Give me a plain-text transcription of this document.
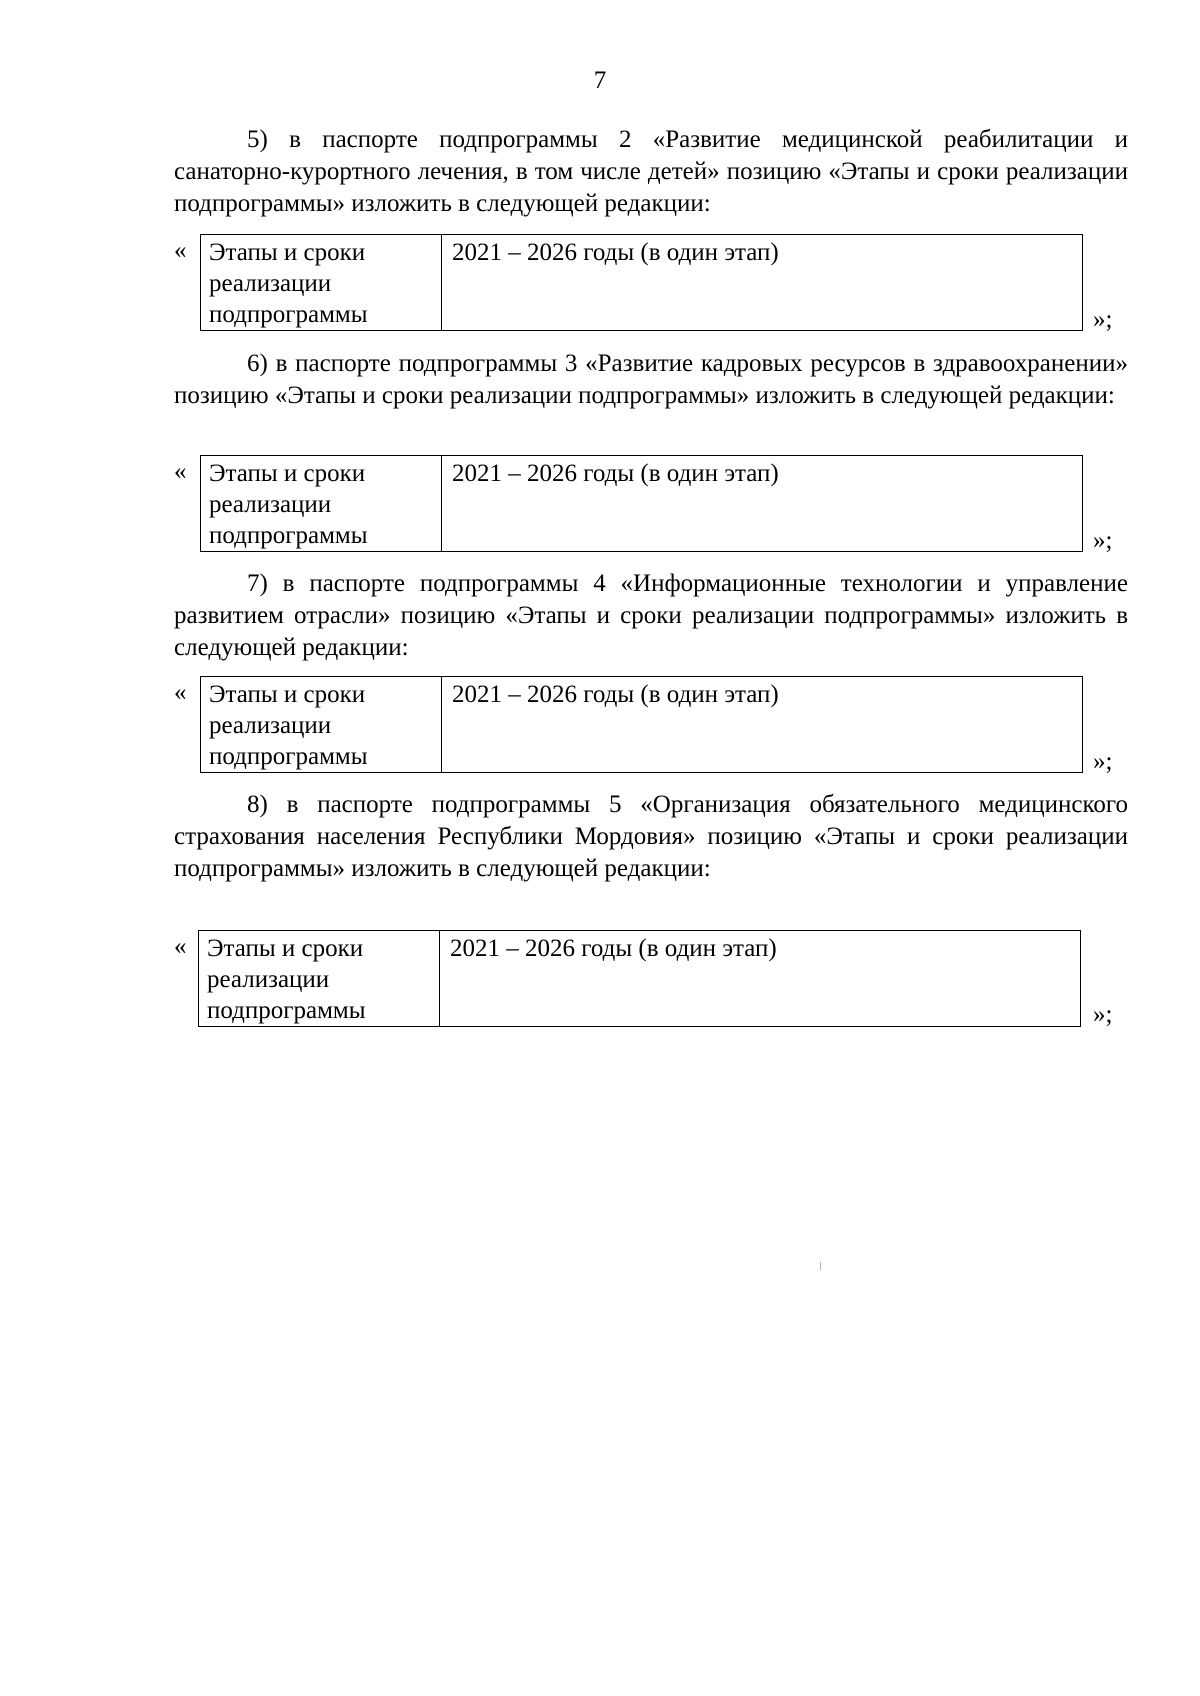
7

5) в паспорте подпрограммы 2 «Развитие медицинской реабилитации и санаторно-курортного лечения, в том числе детей» позицию «Этапы и сроки реализации подпрограммы» изложить в следующей редакции:

« Этапы и сроки реализации подпрограммы	2021 – 2026 годы (в один этап)
»;

6) в паспорте подпрограммы 3 «Развитие кадровых ресурсов в здравоохранении» позицию «Этапы и сроки реализации подпрограммы» изложить в следующей редакции:

« Этапы и сроки реализации подпрограммы	2021 – 2026 годы (в один этап)
»;

7) в паспорте подпрограммы 4 «Информационные технологии и управление развитием отрасли» позицию «Этапы и сроки реализации подпрограммы» изложить в следующей редакции:

« Этапы и сроки реализации подпрограммы	2021 – 2026 годы (в один этап)
»;

8) в паспорте подпрограммы 5 «Организация обязательного медицинского страхования населения Республики Мордовия» позицию «Этапы и сроки реализации подпрограммы» изложить в следующей редакции:

« Этапы и сроки реализации подпрограммы	2021 – 2026 годы (в один этап)
»;
